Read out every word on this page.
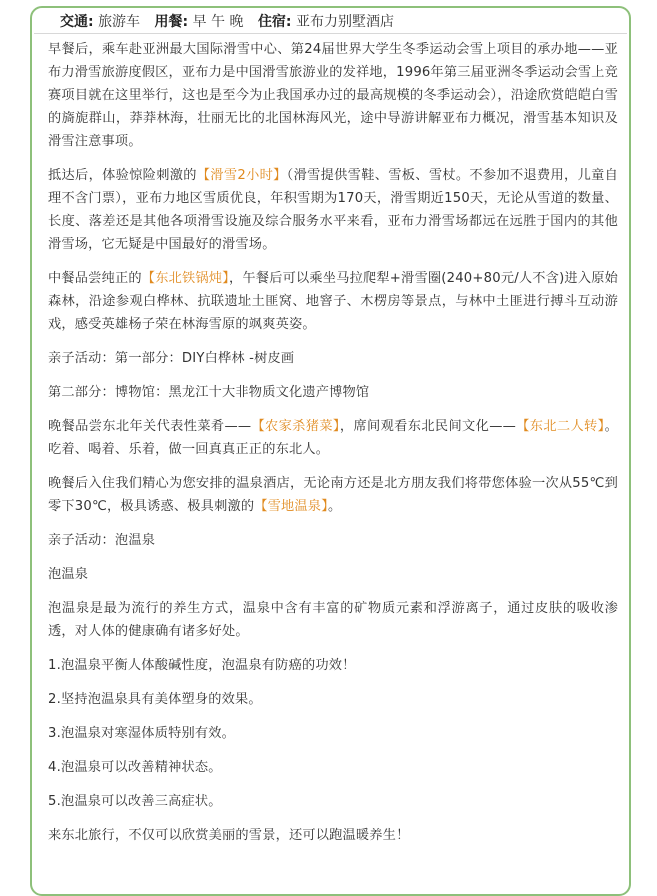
交通: 旅游车 用餐: 早 午 晚 住宿: 亚布力别墅酒店

早餐后，乘车赴亚洲最大国际滑雪中心、第24届世界大学生冬季运动会雪上项目的承办地——亚布力滑雪旅游度假区，亚布力是中国滑雪旅游业的发祥地，1996年第三届亚洲冬季运动会雪上竞赛项目就在这里举行，这也是至今为止我国承办过的最高规模的冬季运动会），沿途欣赏皑皑白雪的旖旎群山，莽莽林海，壮丽无比的北国林海风光，途中导游讲解亚布力概况，滑雪基本知识及滑雪注意事项。

抵达后，体验惊险刺激的 【 滑雪2小时 】 （滑雪提供雪鞋、雪板、雪杖。不参加不退费用，儿童自理不含门票），亚布力地区雪质优良，年积雪期为170天，滑雪期近150天，无论从雪道的数量、长度、落差还是其他各项滑雪设施及综合服务水平来看，亚布力滑雪场都远在远胜于国内的其他滑雪场，它无疑是中国最好的滑雪场。

中餐品尝纯正的 【 东北铁锅炖 】 ，午餐后可以乘坐马拉爬犁+滑雪圈(240+80元/人不含)进入原始森林，沿途参观白桦林、抗联遗址土匪窝、地窨子、木楞房等景点，与林中土匪进行搏斗互动游戏，感受英雄杨子荣在林海雪原的飒爽英姿。

亲子活动：第一部分：DIY白桦林 -树皮画

第二部分：博物馆：黑龙江十大非物质文化遗产博物馆

晚餐品尝东北年关代表性菜肴—— 【 农家杀猪菜 】 ，席间观看东北民间文化—— 【 东北二人转 】 。吃着、喝着、乐着，做一回真真正正的东北人。

晚餐后入住我们精心为您安排的温泉酒店，无论南方还是北方朋友我们将带您体验一次从55℃到零下30℃，极具诱惑、极具刺激的 【 雪地温泉 】 。

亲子活动：泡温泉

泡温泉

泡温泉是最为流行的养生方式，温泉中含有丰富的矿物质元素和浮游离子，通过皮肤的吸收渗透，对人体的健康确有诸多好处。

1.泡温泉平衡人体酸碱性度，泡温泉有防癌的功效！

2.坚持泡温泉具有美体塑身的效果。

3.泡温泉对寒湿体质特别有效。

4.泡温泉可以改善精神状态。

5.泡温泉可以改善三高症状。

来东北旅行，不仅可以欣赏美丽的雪景，还可以跑温暖养生！
